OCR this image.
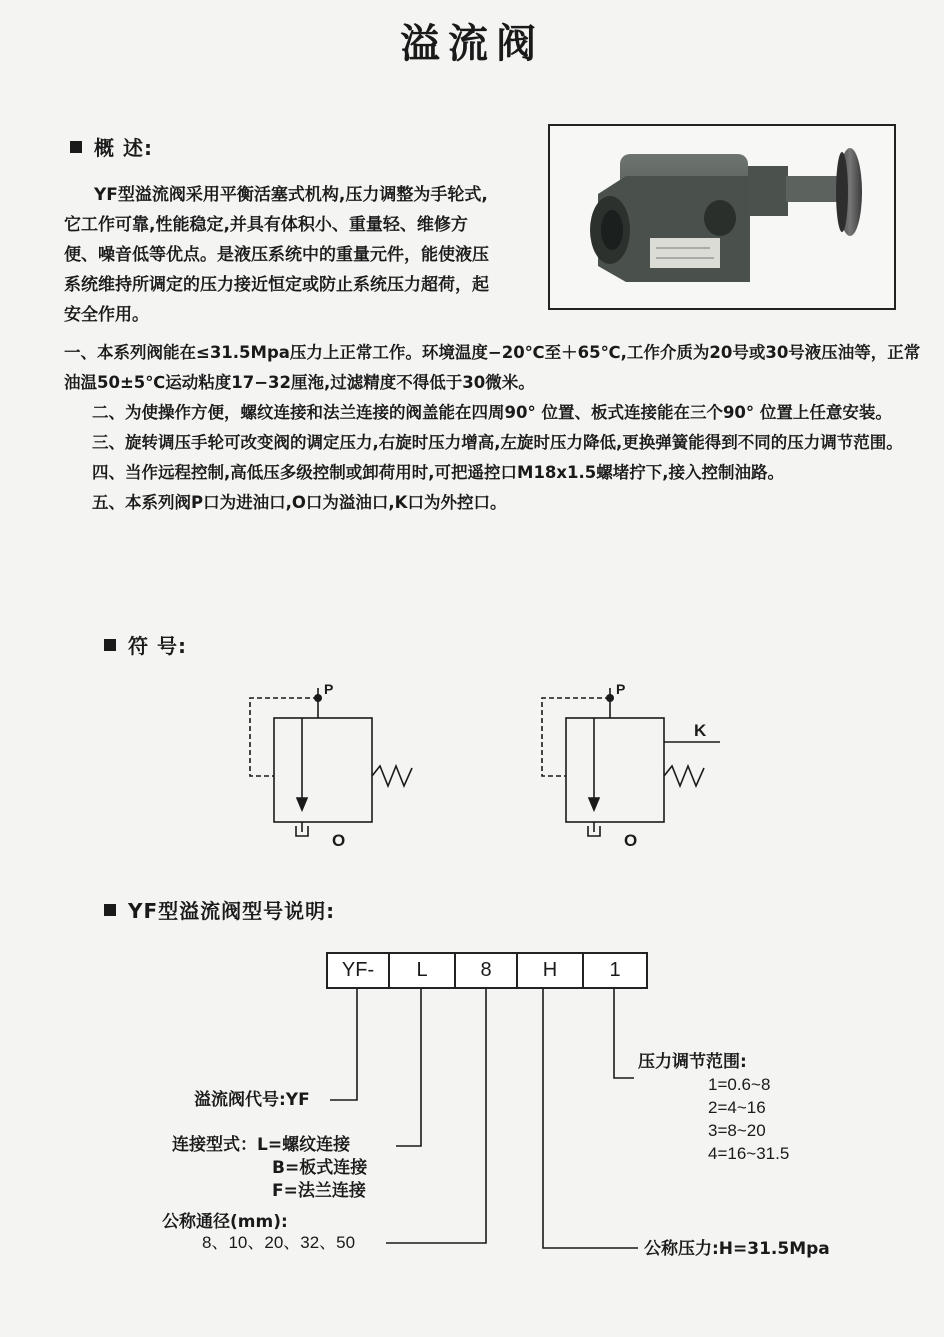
溢流阀
概 述:
YF型溢流阀采用平衡活塞式机构,压力调整为手轮式,它工作可靠,性能稳定,并具有体积小、重量轻、维修方便、噪音低等优点。是液压系统中的重量元件，能使液压系统维持所调定的压力接近恒定或防止系统压力超荷，起安全作用。

一、本系列阀能在≤31.5Mpa压力上正常工作。环境温度−20℃至＋65℃,工作介质为20号或30号液压油等，正常油温50±5℃运动粘度17−32厘沲,过滤精度不得低于30微米。

二、为使操作方便，螺纹连接和法兰连接的阀盖能在四周90° 位置、板式连接能在三个90° 位置上任意安装。

三、旋转调压手轮可改变阀的调定压力,右旋时压力增高,左旋时压力降低,更换弹簧能得到不同的压力调节范围。

四、当作远程控制,高低压多级控制或卸荷用时,可把遥控口M18x1.5螺堵拧下,接入控制油路。

五、本系列阀P口为进油口,O口为溢油口,K口为外控口。

符 号:
P
O
P
O
K
YF型溢流阀型号说明:
YF-	L	8	H	1
溢流阀代号:YF
连接型式：L=螺纹连接
B=板式连接
F=法兰连接
公称通径(mm):
8、10、20、32、50
压力调节范围:
1=0.6~8
2=4~16
3=8~20
4=16~31.5
公称压力:H=31.5Mpa
